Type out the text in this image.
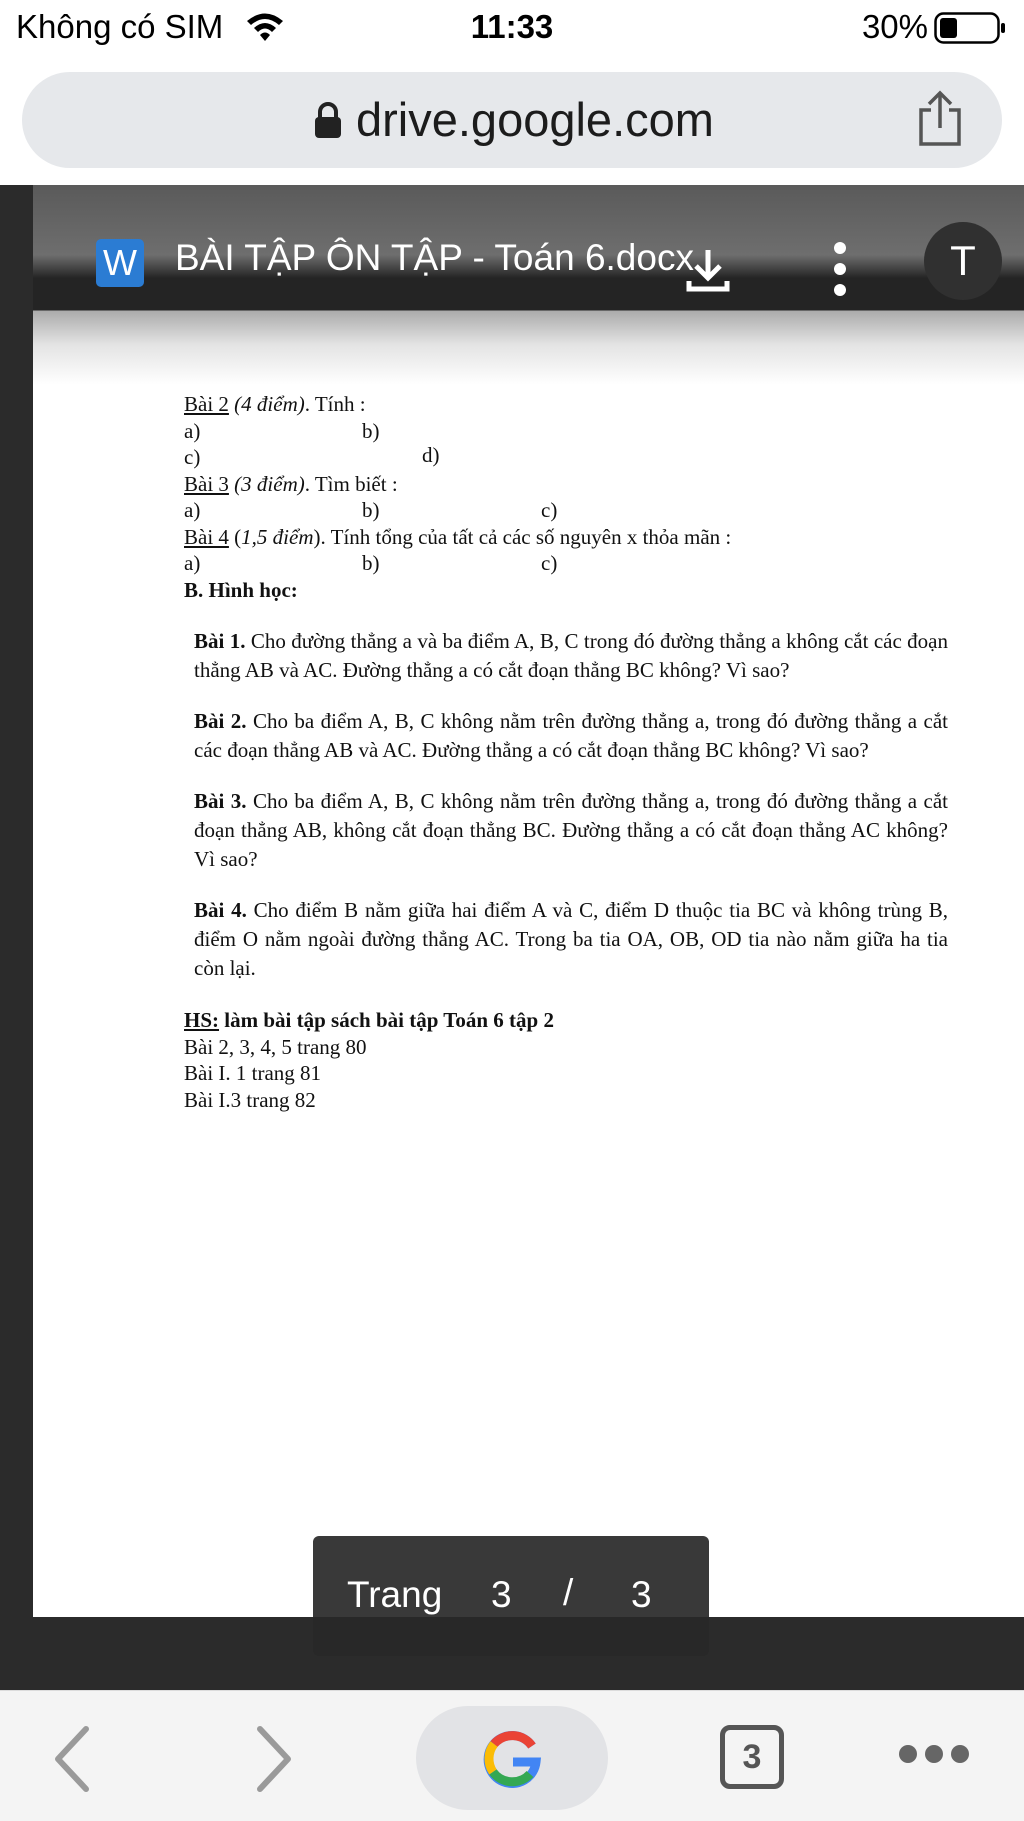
Không có SIM	11:33	30%
drive.google.com
Bài 2 (4 điểm). Tính :
a)	b)
c)	d)
Bài 3 (3 điểm). Tìm biết :
a)	b)	c)
Bài 4 (1,5 điểm). Tính tổng của tất cả các số nguyên x thỏa mãn :
a)	b)	c)
B. Hình học:

Bài 1. Cho đường thẳng a và ba điểm A, B, C trong đó đường thẳng a không cắt các đoạn thẳng AB và AC. Đường thẳng a có cắt đoạn thẳng BC không? Vì sao?

Bài 2. Cho ba điểm A, B, C không nằm trên đường thẳng a, trong đó đường thẳng a cắt các đoạn thẳng AB và AC. Đường thẳng a có cắt đoạn thẳng BC không? Vì sao?

Bài 3. Cho ba điểm A, B, C không nằm trên đường thẳng a, trong đó đường thẳng a cắt đoạn thẳng AB, không cắt đoạn thẳng BC. Đường thẳng a có cắt đoạn thẳng AC không? Vì sao?

Bài 4. Cho điểm B nằm giữa hai điểm A và C, điểm D thuộc tia BC và không trùng B, điểm O nằm ngoài đường thẳng AC. Trong ba tia OA, OB, OD tia nào nằm giữa ha tia còn lại.

HS: làm bài tập sách bài tập Toán 6 tập 2
Bài 2, 3, 4, 5 trang 80
Bài I. 1 trang 81
Bài I.3 trang 82
W BÀI TẬP ÔN TẬP - Toán 6.docx	T
Trang 3 / 3
3
